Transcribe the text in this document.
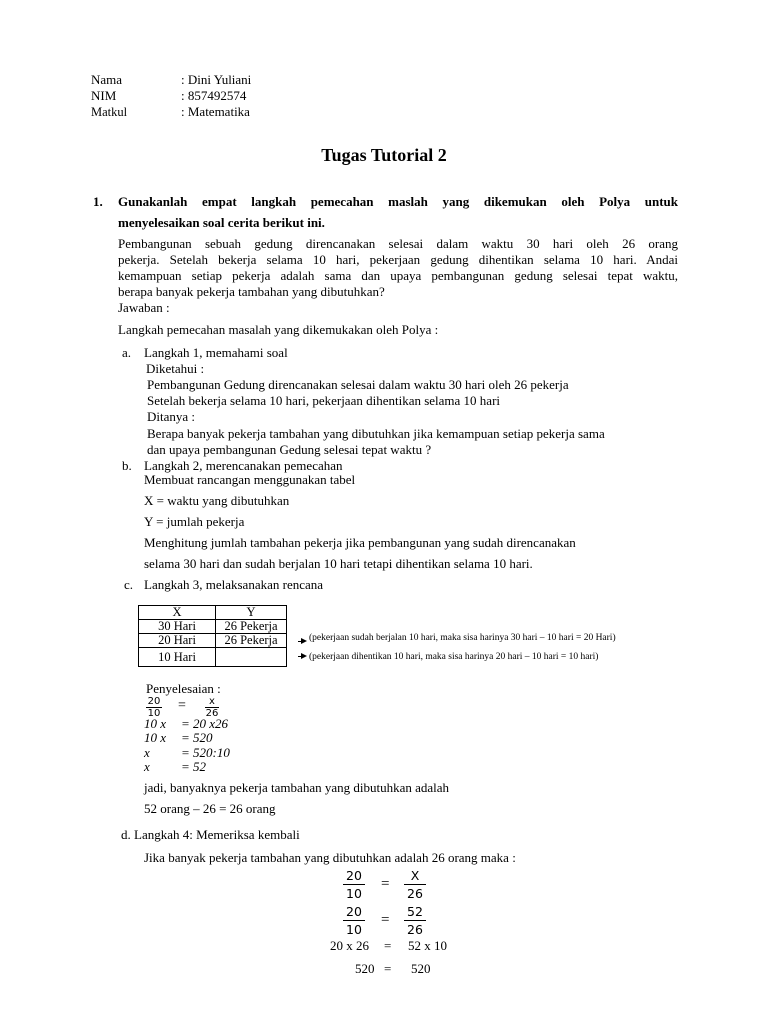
Nama	: Dini Yuliani
NIM	: 857492574
Matkul	: Matematika
Tugas Tutorial 2
1. Gunakanlah empat langkah pemecahan maslah yang dikemukan oleh Polya untuk
menyelesaikan soal cerita berikut ini.
Pembangunan sebuah gedung direncanakan selesai dalam waktu 30 hari oleh 26 orang
pekerja. Setelah bekerja selama 10 hari, pekerjaan gedung dihentikan selama 10 hari. Andai
kemampuan setiap pekerja adalah sama dan upaya pembangunan gedung selesai tepat waktu,
berapa banyak pekerja tambahan yang dibutuhkan?
Jawaban :
Langkah pemecahan masalah yang dikemukakan oleh Polya :
a. Langkah 1, memahami soal
Diketahui :
Pembangunan Gedung direncanakan selesai dalam waktu 30 hari oleh 26 pekerja
Setelah bekerja selama 10 hari, pekerjaan dihentikan selama 10 hari
Ditanya :
Berapa banyak pekerja tambahan yang dibutuhkan jika kemampuan setiap pekerja sama
dan upaya pembangunan Gedung selesai tepat waktu ?
b. Langkah 2, merencanakan pemecahan
Membuat rancangan menggunakan tabel
X = waktu yang dibutuhkan
Y = jumlah pekerja
Menghitung jumlah tambahan pekerja jika pembangunan yang sudah direncanakan
selama 30 hari dan sudah berjalan 10 hari tetapi dihentikan selama 10 hari.
c. Langkah 3, melaksanakan rencana
X	Y
30 Hari	26 Pekerja
20 Hari	26 Pekerja
10 Hari	
(pekerjaan sudah berjalan 10 hari, maka sisa harinya 30 hari – 10 hari = 20 Hari)
(pekerjaan dihentikan 10 hari, maka sisa harinya 20 hari – 10 hari = 10 hari)
Penyelesaian :
$\frac{20}{10} = \frac{x}{26}$
10 x = 20 x26
10 x = 520
x = 520:10
x = 52
jadi, banyaknya pekerja tambahan yang dibutuhkan adalah
52 orang – 26 = 26 orang
d. Langkah 4: Memeriksa kembali
Jika banyak pekerja tambahan yang dibutuhkan adalah 26 orang maka :
$\frac{20}{10} = \frac{X}{26}$
$\frac{20}{10} = \frac{52}{26}$
20 x 26 = 52 x 10
520 = 520
